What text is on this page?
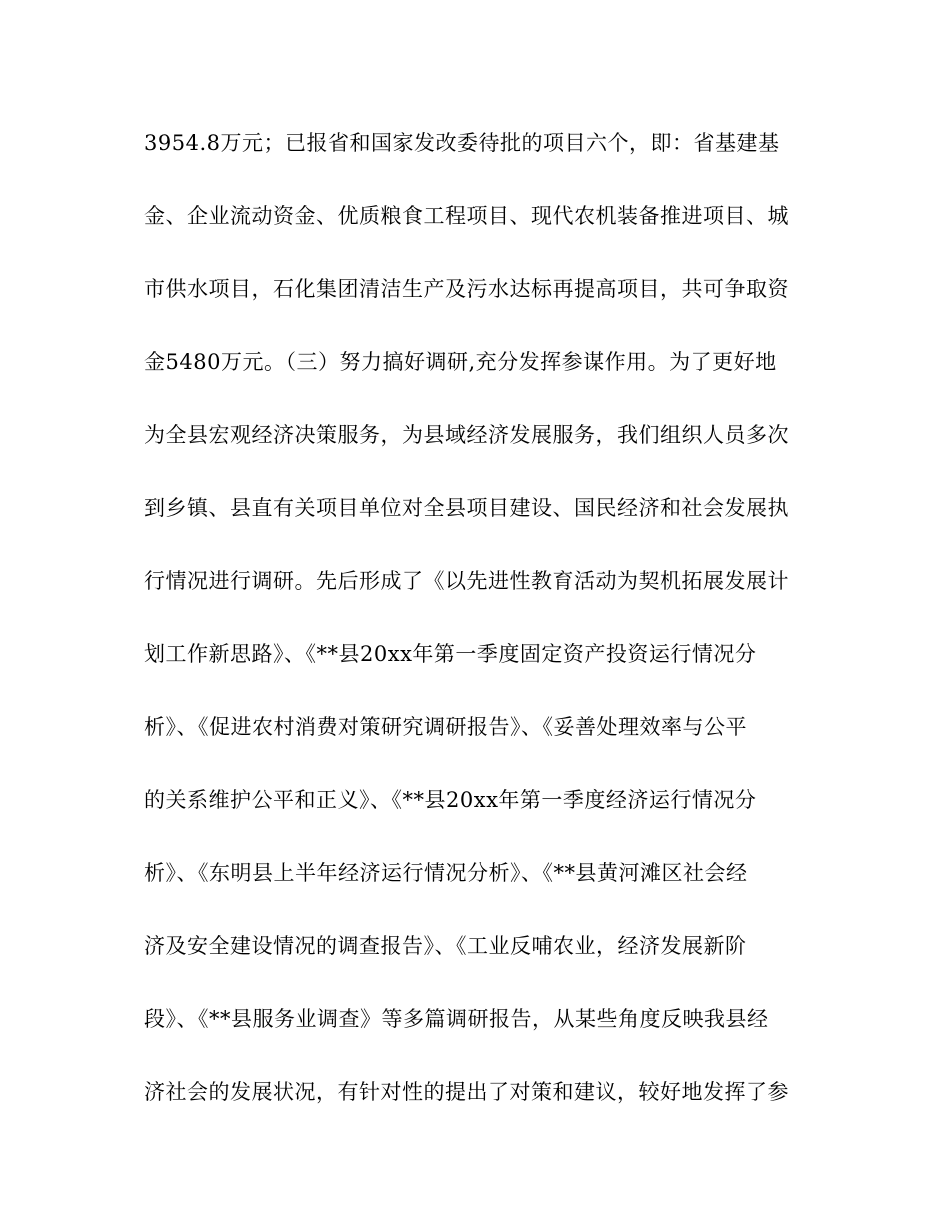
3954.8万元；已报省和国家发改委待批的项目六个，即：省基建基
金、企业流动资金、优质粮食工程项目、现代农机装备推进项目、城
市供水项目，石化集团清洁生产及污水达标再提高项目，共可争取资
金5480万元。（三）努力搞好调研,充分发挥参谋作用。为了更好地
为全县宏观经济决策服务，为县域经济发展服务，我们组织人员多次
到乡镇、县直有关项目单位对全县项目建设、国民经济和社会发展执
行情况进行调研。先后形成了《以先进性教育活动为契机拓展发展计
划工作新思路》、《**县20xx年第一季度固定资产投资运行情况分
析》、《促进农村消费对策研究调研报告》、《妥善处理效率与公平
的关系维护公平和正义》、《**县20xx年第一季度经济运行情况分
析》、《东明县上半年经济运行情况分析》、《**县黄河滩区社会经
济及安全建设情况的调查报告》、《工业反哺农业，经济发展新阶
段》、《**县服务业调查》等多篇调研报告，从某些角度反映我县经
济社会的发展状况，有针对性的提出了对策和建议，较好地发挥了参
